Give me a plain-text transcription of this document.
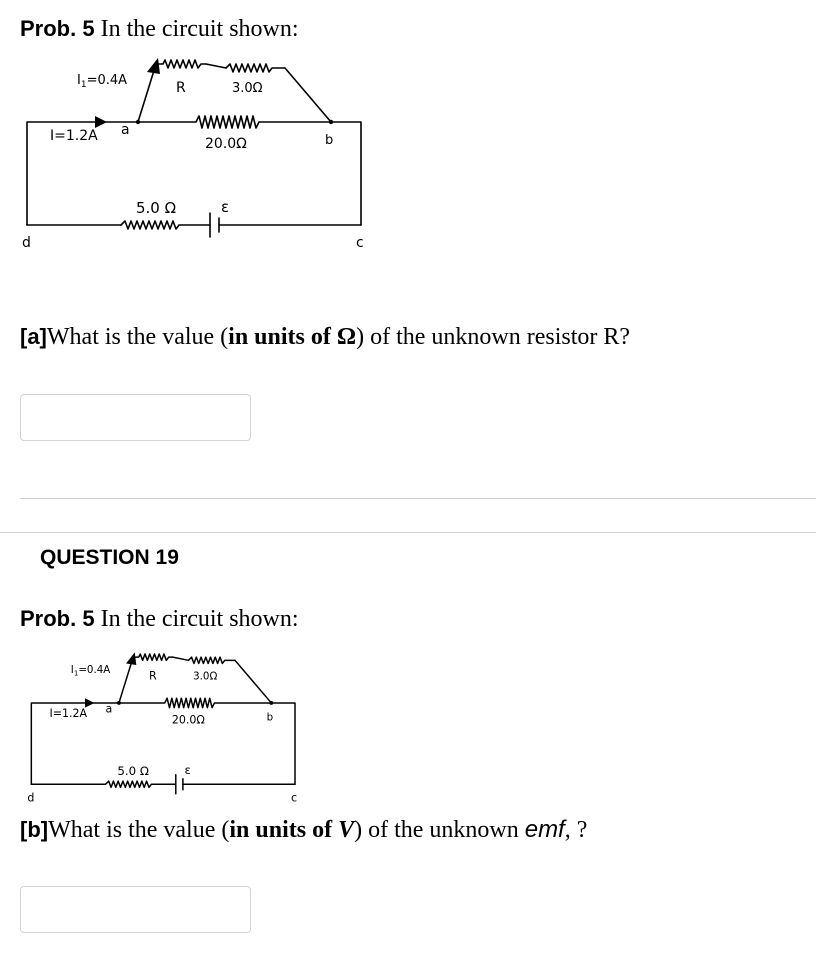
Prob. 5 In the circuit shown:
$I_1=0.4A$	R	3.0Ω
I=1.2A a
20.0Ω	b
5.0 Ω	ε
d	c
[a]What is the value (in units of Ω) of the unknown resistor R?
QUESTION 19
Prob. 5 In the circuit shown:
$I_1=0.4A$	R	3.0Ω
I=1.2A a
20.0Ω	b
5.0 Ω ε
d	c
[b]What is the value (in units of V) of the unknown emf, ?
